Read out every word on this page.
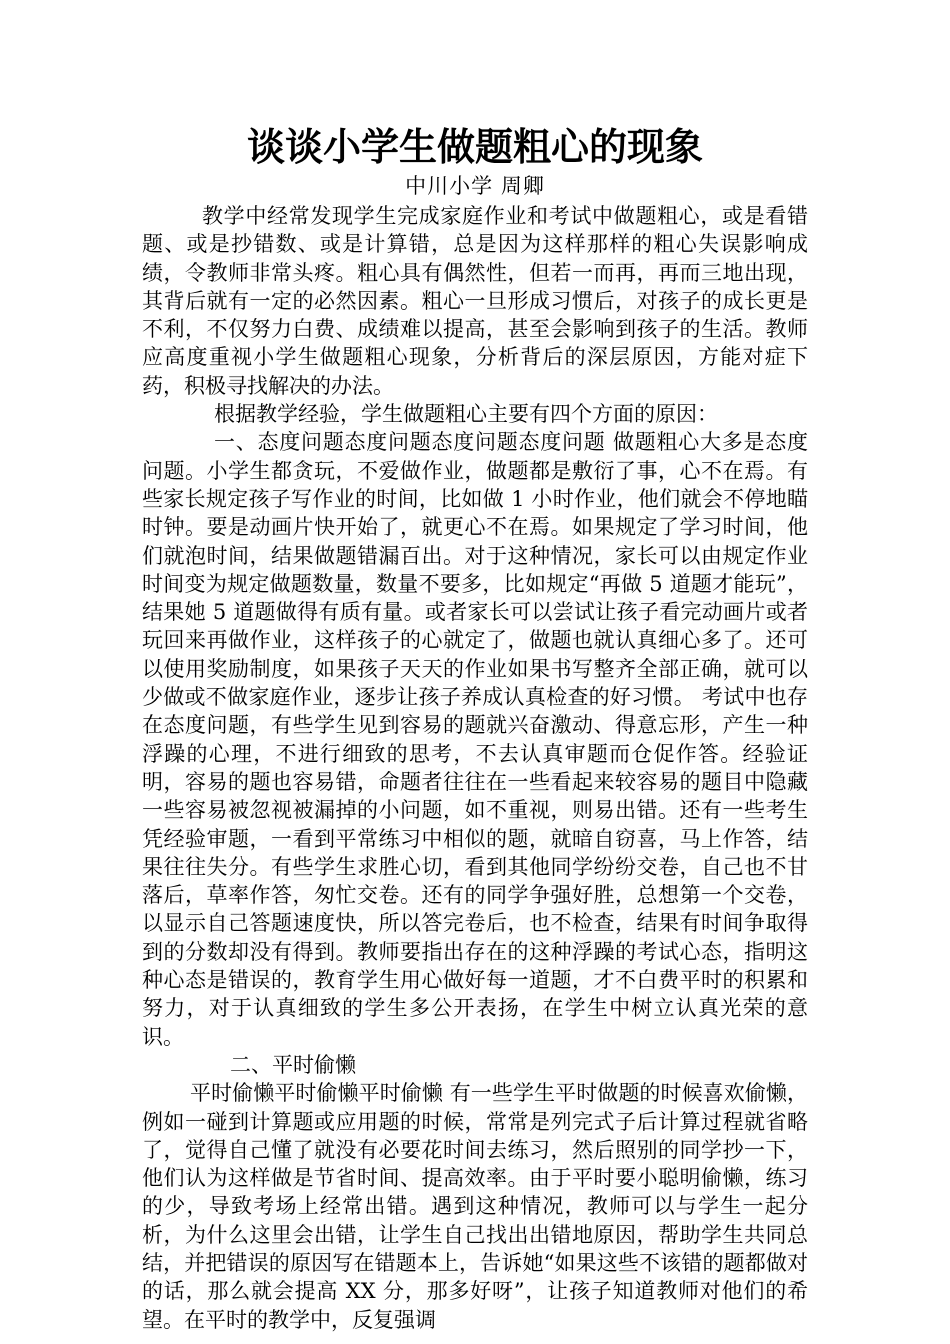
谈谈小学生做题粗心的现象
中川小学 周卿

教学中经常发现学生完成家庭作业和考试中做题粗心，或是看错题、或是抄错数、或是计算错，总是因为这样那样的粗心失误影响成绩，令教师非常头疼。粗心具有偶然性，但若一而再，再而三地出现，其背后就有一定的必然因素。粗心一旦形成习惯后，对孩子的成长更是不利，不仅努力白费、成绩难以提高，甚至会影响到孩子的生活。教师应高度重视小学生做题粗心现象，分析背后的深层原因，方能对症下药，积极寻找解决的办法。

根据教学经验，学生做题粗心主要有四个方面的原因：

一、态度问题态度问题态度问题态度问题 做题粗心大多是态度问题。小学生都贪玩，不爱做作业，做题都是敷衍了事，心不在焉。有些家长规定孩子写作业的时间，比如做 1 小时作业，他们就会不停地瞄时钟。要是动画片快开始了，就更心不在焉。如果规定了学习时间，他们就泡时间，结果做题错漏百出。对于这种情况，家长可以由规定作业时间变为规定做题数量，数量不要多，比如规定“再做 5 道题才能玩”，结果她 5 道题做得有质有量。或者家长可以尝试让孩子看完动画片或者玩回来再做作业，这样孩子的心就定了，做题也就认真细心多了。还可以使用奖励制度，如果孩子天天的作业如果书写整齐全部正确，就可以少做或不做家庭作业，逐步让孩子养成认真检查的好习惯。 考试中也存在态度问题，有些学生见到容易的题就兴奋激动、得意忘形，产生一种浮躁的心理，不进行细致的思考，不去认真审题而仓促作答。经验证明，容易的题也容易错，命题者往往在一些看起来较容易的题目中隐藏一些容易被忽视被漏掉的小问题，如不重视，则易出错。还有一些考生凭经验审题，一看到平常练习中相似的题，就暗自窃喜，马上作答，结果往往失分。有些学生求胜心切，看到其他同学纷纷交卷，自己也不甘落后，草率作答，匆忙交卷。还有的同学争强好胜，总想第一个交卷，以显示自己答题速度快，所以答完卷后，也不检查，结果有时间争取得到的分数却没有得到。教师要指出存在的这种浮躁的考试心态，指明这种心态是错误的，教育学生用心做好每一道题，才不白费平时的积累和努力，对于认真细致的学生多公开表扬，在学生中树立认真光荣的意识。

二、平时偷懒

平时偷懒平时偷懒平时偷懒 有一些学生平时做题的时候喜欢偷懒，例如一碰到计算题或应用题的时候，常常是列完式子后计算过程就省略了，觉得自己懂了就没有必要花时间去练习，然后照别的同学抄一下，他们认为这样做是节省时间、提高效率。由于平时要小聪明偷懒，练习的少，导致考场上经常出错。遇到这种情况，教师可以与学生一起分析，为什么这里会出错，让学生自己找出出错地原因，帮助学生共同总结，并把错误的原因写在错题本上，告诉她“如果这些不该错的题都做对的话，那么就会提高 XX 分，那多好呀”，让孩子知道教师对他们的希望。在平时的教学中，反复强调
